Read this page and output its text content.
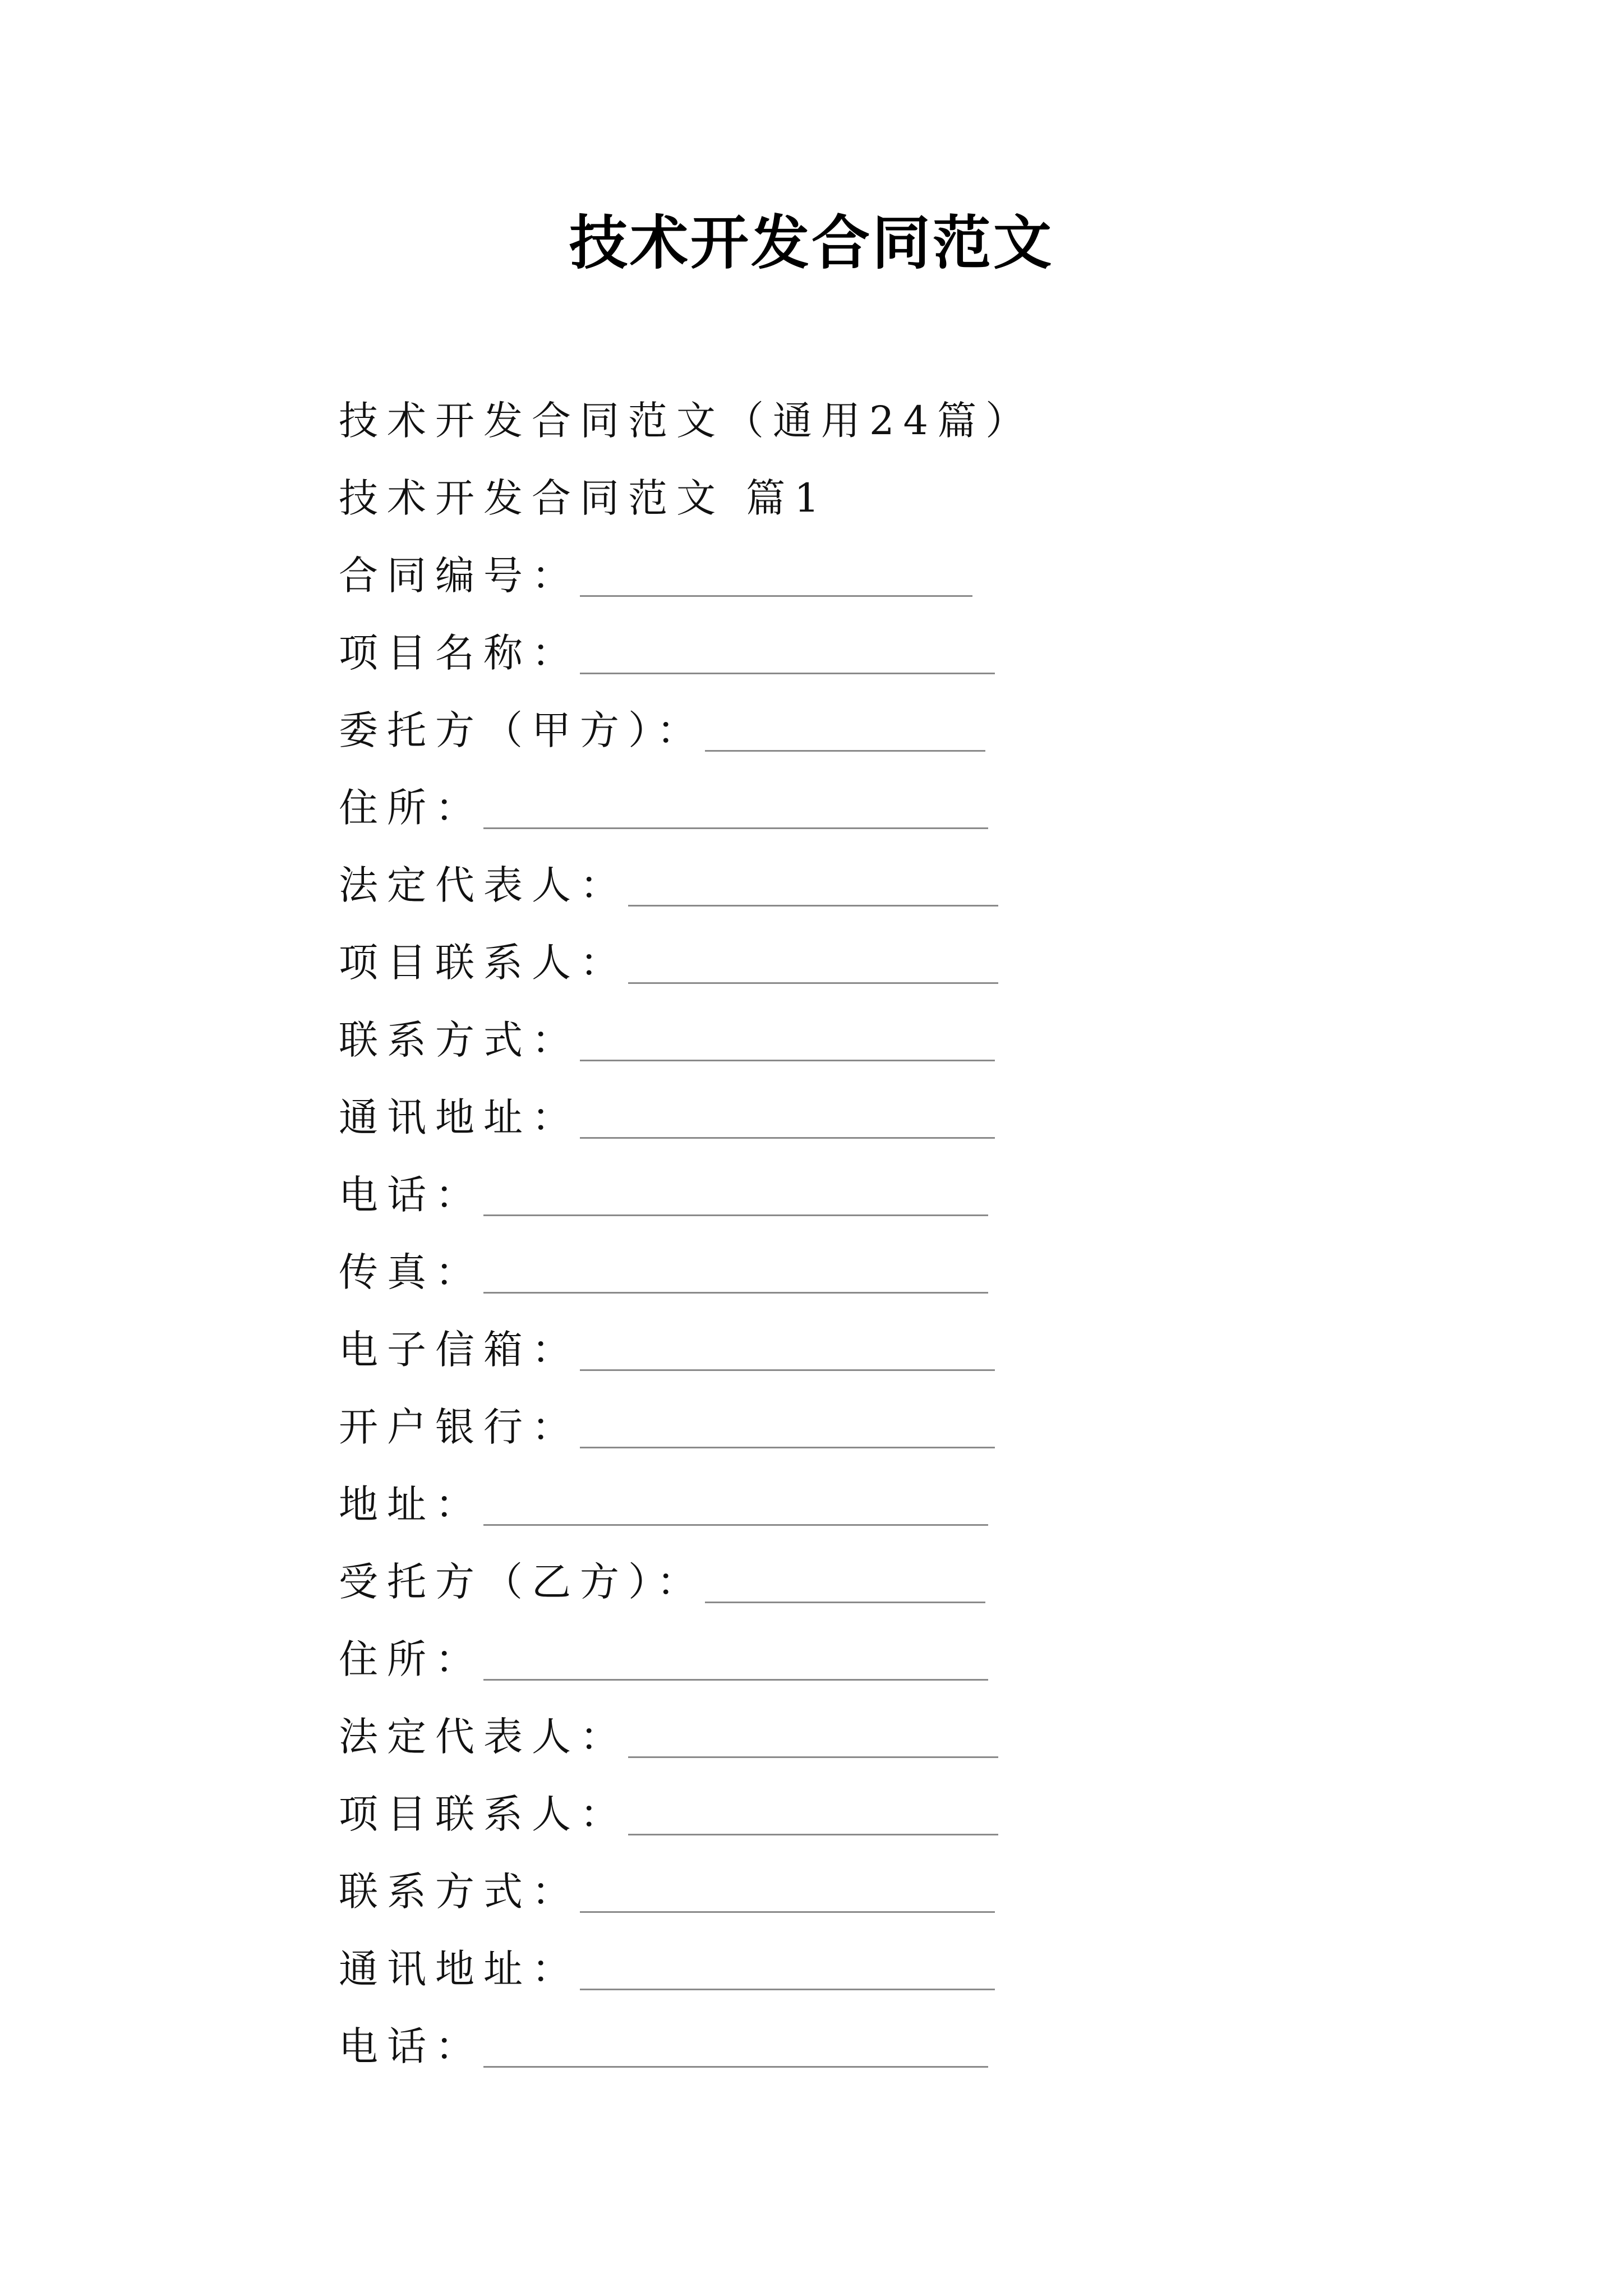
技术开发合同范文
技术开发合同范文（通用24篇）
技术开发合同范文 篇1
合同编号：
项目名称：
委托方（甲方）：
住所：
法定代表人：
项目联系人：
联系方式：
通讯地址：
电话：
传真：
电子信箱：
开户银行：
地址：
受托方（乙方）：
住所：
法定代表人：
项目联系人：
联系方式：
通讯地址：
电话：
